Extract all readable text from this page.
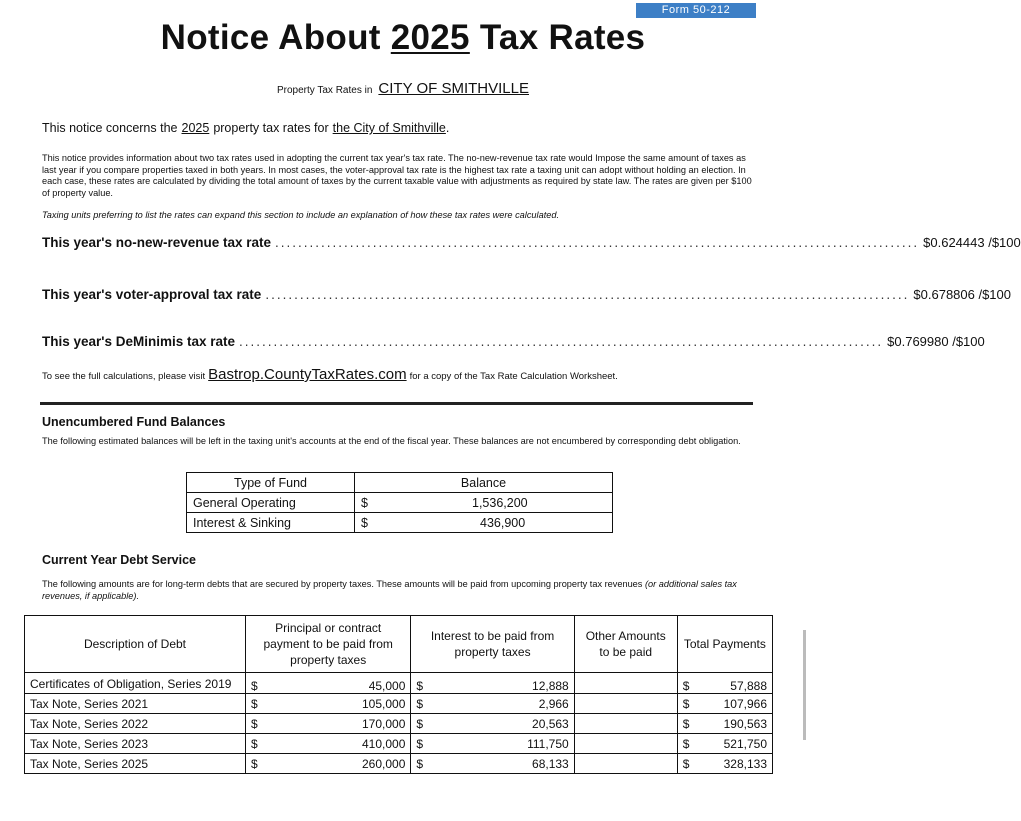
Form 50-212
Notice About 2025 Tax Rates
Property Tax Rates in CITY OF SMITHVILLE
This notice concerns the 2025 property tax rates for the City of Smithville.
This notice provides information about two tax rates used in adopting the current tax year's tax rate. The no-new-revenue tax rate would Impose the same amount of taxes as last year if you compare properties taxed in both years. In most cases, the voter-approval tax rate is the highest tax rate a taxing unit can adopt without holding an election. In each case, these rates are calculated by dividing the total amount of taxes by the current taxable value with adjustments as required by state law. The rates are given per $100 of property value.
Taxing units preferring to list the rates can expand this section to include an explanation of how these tax rates were calculated.
This year's no-new-revenue tax rate ................................................................................................................ $0.624443 /$100
This year's voter-approval tax rate ................................................................................................................ $0.678806 /$100
This year's DeMinimis tax rate ................................................................................................................ $0.769980 /$100
To see the full calculations, please visit Bastrop.CountyTaxRates.com for a copy of the Tax Rate Calculation Worksheet.
Unencumbered Fund Balances
The following estimated balances will be left in the taxing unit's accounts at the end of the fiscal year. These balances are not encumbered by corresponding debt obligation.
Type of Fund	Balance	
General Operating	$	1,536,200
Interest & Sinking	$	436,900
Current Year Debt Service
The following amounts are for long-term debts that are secured by property taxes. These amounts will be paid from upcoming property tax revenues (or additional sales tax revenues, if applicable).
Description of Debt	Principal or contract payment to be paid from property taxes		Interest to be paid from property taxes		Other Amounts to be paid	Total Payments	
Certificates of Obligation, Series 2019	$	45,000	$	12,888		$	57,888
Tax Note, Series 2021	$	105,000	$	2,966		$	107,966
Tax Note, Series 2022	$	170,000	$	20,563		$	190,563
Tax Note, Series 2023	$	410,000	$	111,750		$	521,750
Tax Note, Series 2025	$	260,000	$	68,133		$	328,133
